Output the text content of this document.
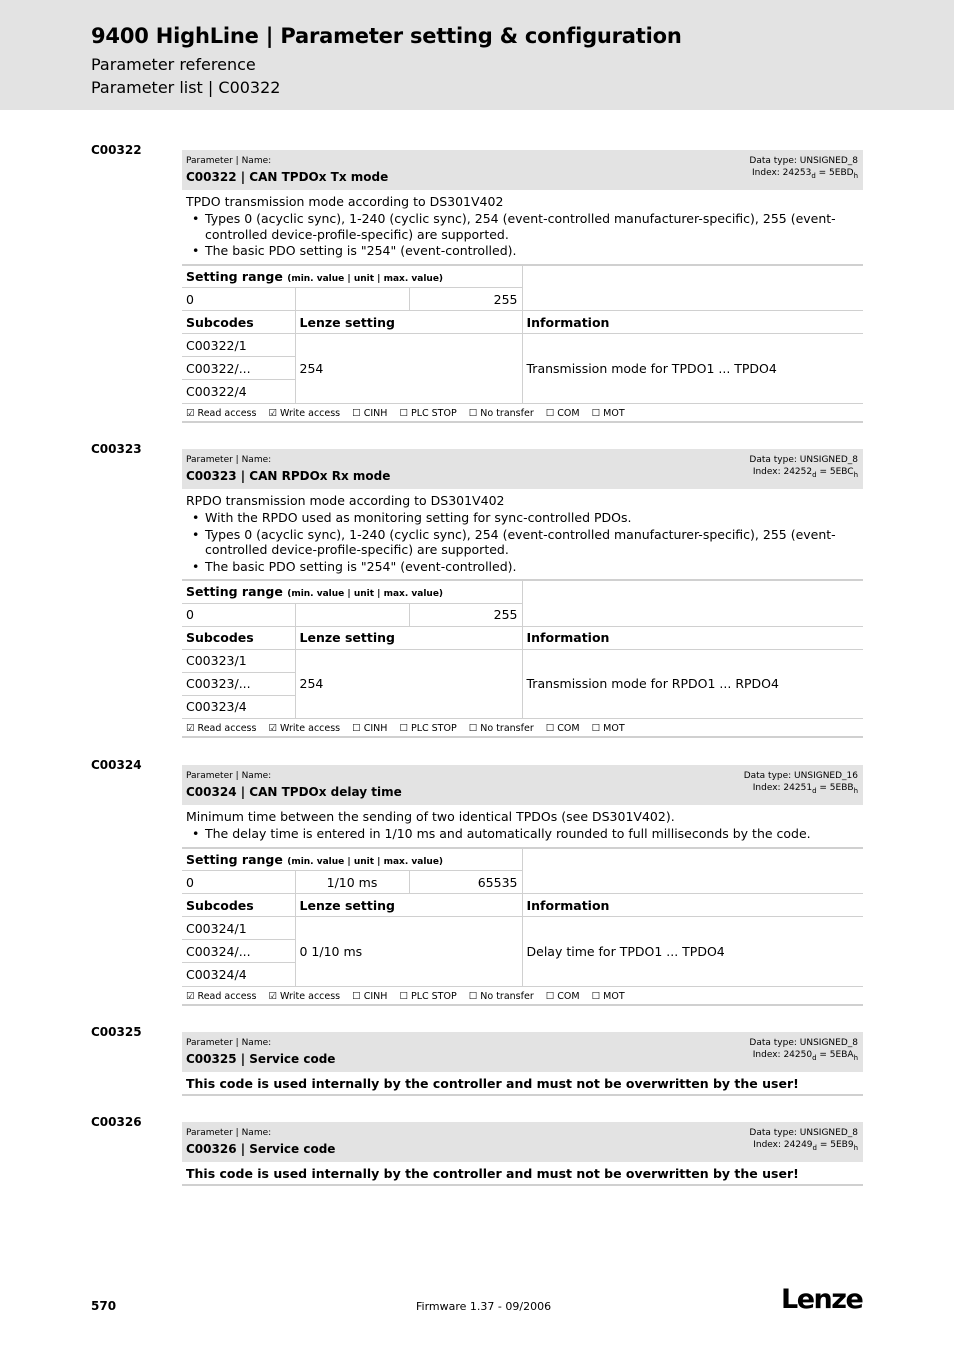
9400 HighLine | Parameter setting & configuration
Parameter reference
Parameter list | C00322
C00322
Parameter | Name:
C00322 | CAN TPDOx Tx mode
Data type: UNSIGNED_8
Index: $24253_d = 5EBD_h$
TPDO transmission mode according to DS301V402
• Types 0 (acyclic sync), 1-240 (cyclic sync), 254 (event-controlled manufacturer-specific), 255 (event-controlled device-profile-specific) are supported.
• The basic PDO setting is "254" (event-controlled).
Setting range (min. value | unit | max. value)			
0		255	
Subcodes	Lenze setting		Information
C00322/1	254		Transmission mode for TPDO1 ... TPDO4
C00322/...			
C00322/4			
☑ Read access ☑ Write access ☐ CINH ☐ PLC STOP ☐ No transfer ☐ COM ☐ MOT
C00323
Parameter | Name:
C00323 | CAN RPDOx Rx mode
Data type: UNSIGNED_8
Index: $24252_d = 5EBC_h$
RPDO transmission mode according to DS301V402
• With the RPDO used as monitoring setting for sync-controlled PDOs.
• Types 0 (acyclic sync), 1-240 (cyclic sync), 254 (event-controlled manufacturer-specific), 255 (event-controlled device-profile-specific) are supported.
• The basic PDO setting is "254" (event-controlled).
Setting range (min. value | unit | max. value)			
0		255	
Subcodes	Lenze setting		Information
C00323/1	254		Transmission mode for RPDO1 ... RPDO4
C00323/...			
C00323/4			
☑ Read access ☑ Write access ☐ CINH ☐ PLC STOP ☐ No transfer ☐ COM ☐ MOT
C00324
Parameter | Name:
C00324 | CAN TPDOx delay time
Data type: UNSIGNED_16
Index: $24251_d = 5EBB_h$
Minimum time between the sending of two identical TPDOs (see DS301V402).
• The delay time is entered in 1/10 ms and automatically rounded to full milliseconds by the code.
Setting range (min. value | unit | max. value)			
0	1/10 ms	65535	
Subcodes	Lenze setting		Information
C00324/1	0 1/10 ms		Delay time for TPDO1 ... TPDO4
C00324/...			
C00324/4			
☑ Read access ☑ Write access ☐ CINH ☐ PLC STOP ☐ No transfer ☐ COM ☐ MOT
C00325
Parameter | Name:
C00325 | Service code
Data type: UNSIGNED_8
Index: $24250_d = 5EBA_h$
This code is used internally by the controller and must not be overwritten by the user!
C00326
Parameter | Name:
C00326 | Service code
Data type: UNSIGNED_8
Index: $24249_d = 5EB9_h$
This code is used internally by the controller and must not be overwritten by the user!
570	Firmware 1.37 - 09/2006	Lenze
